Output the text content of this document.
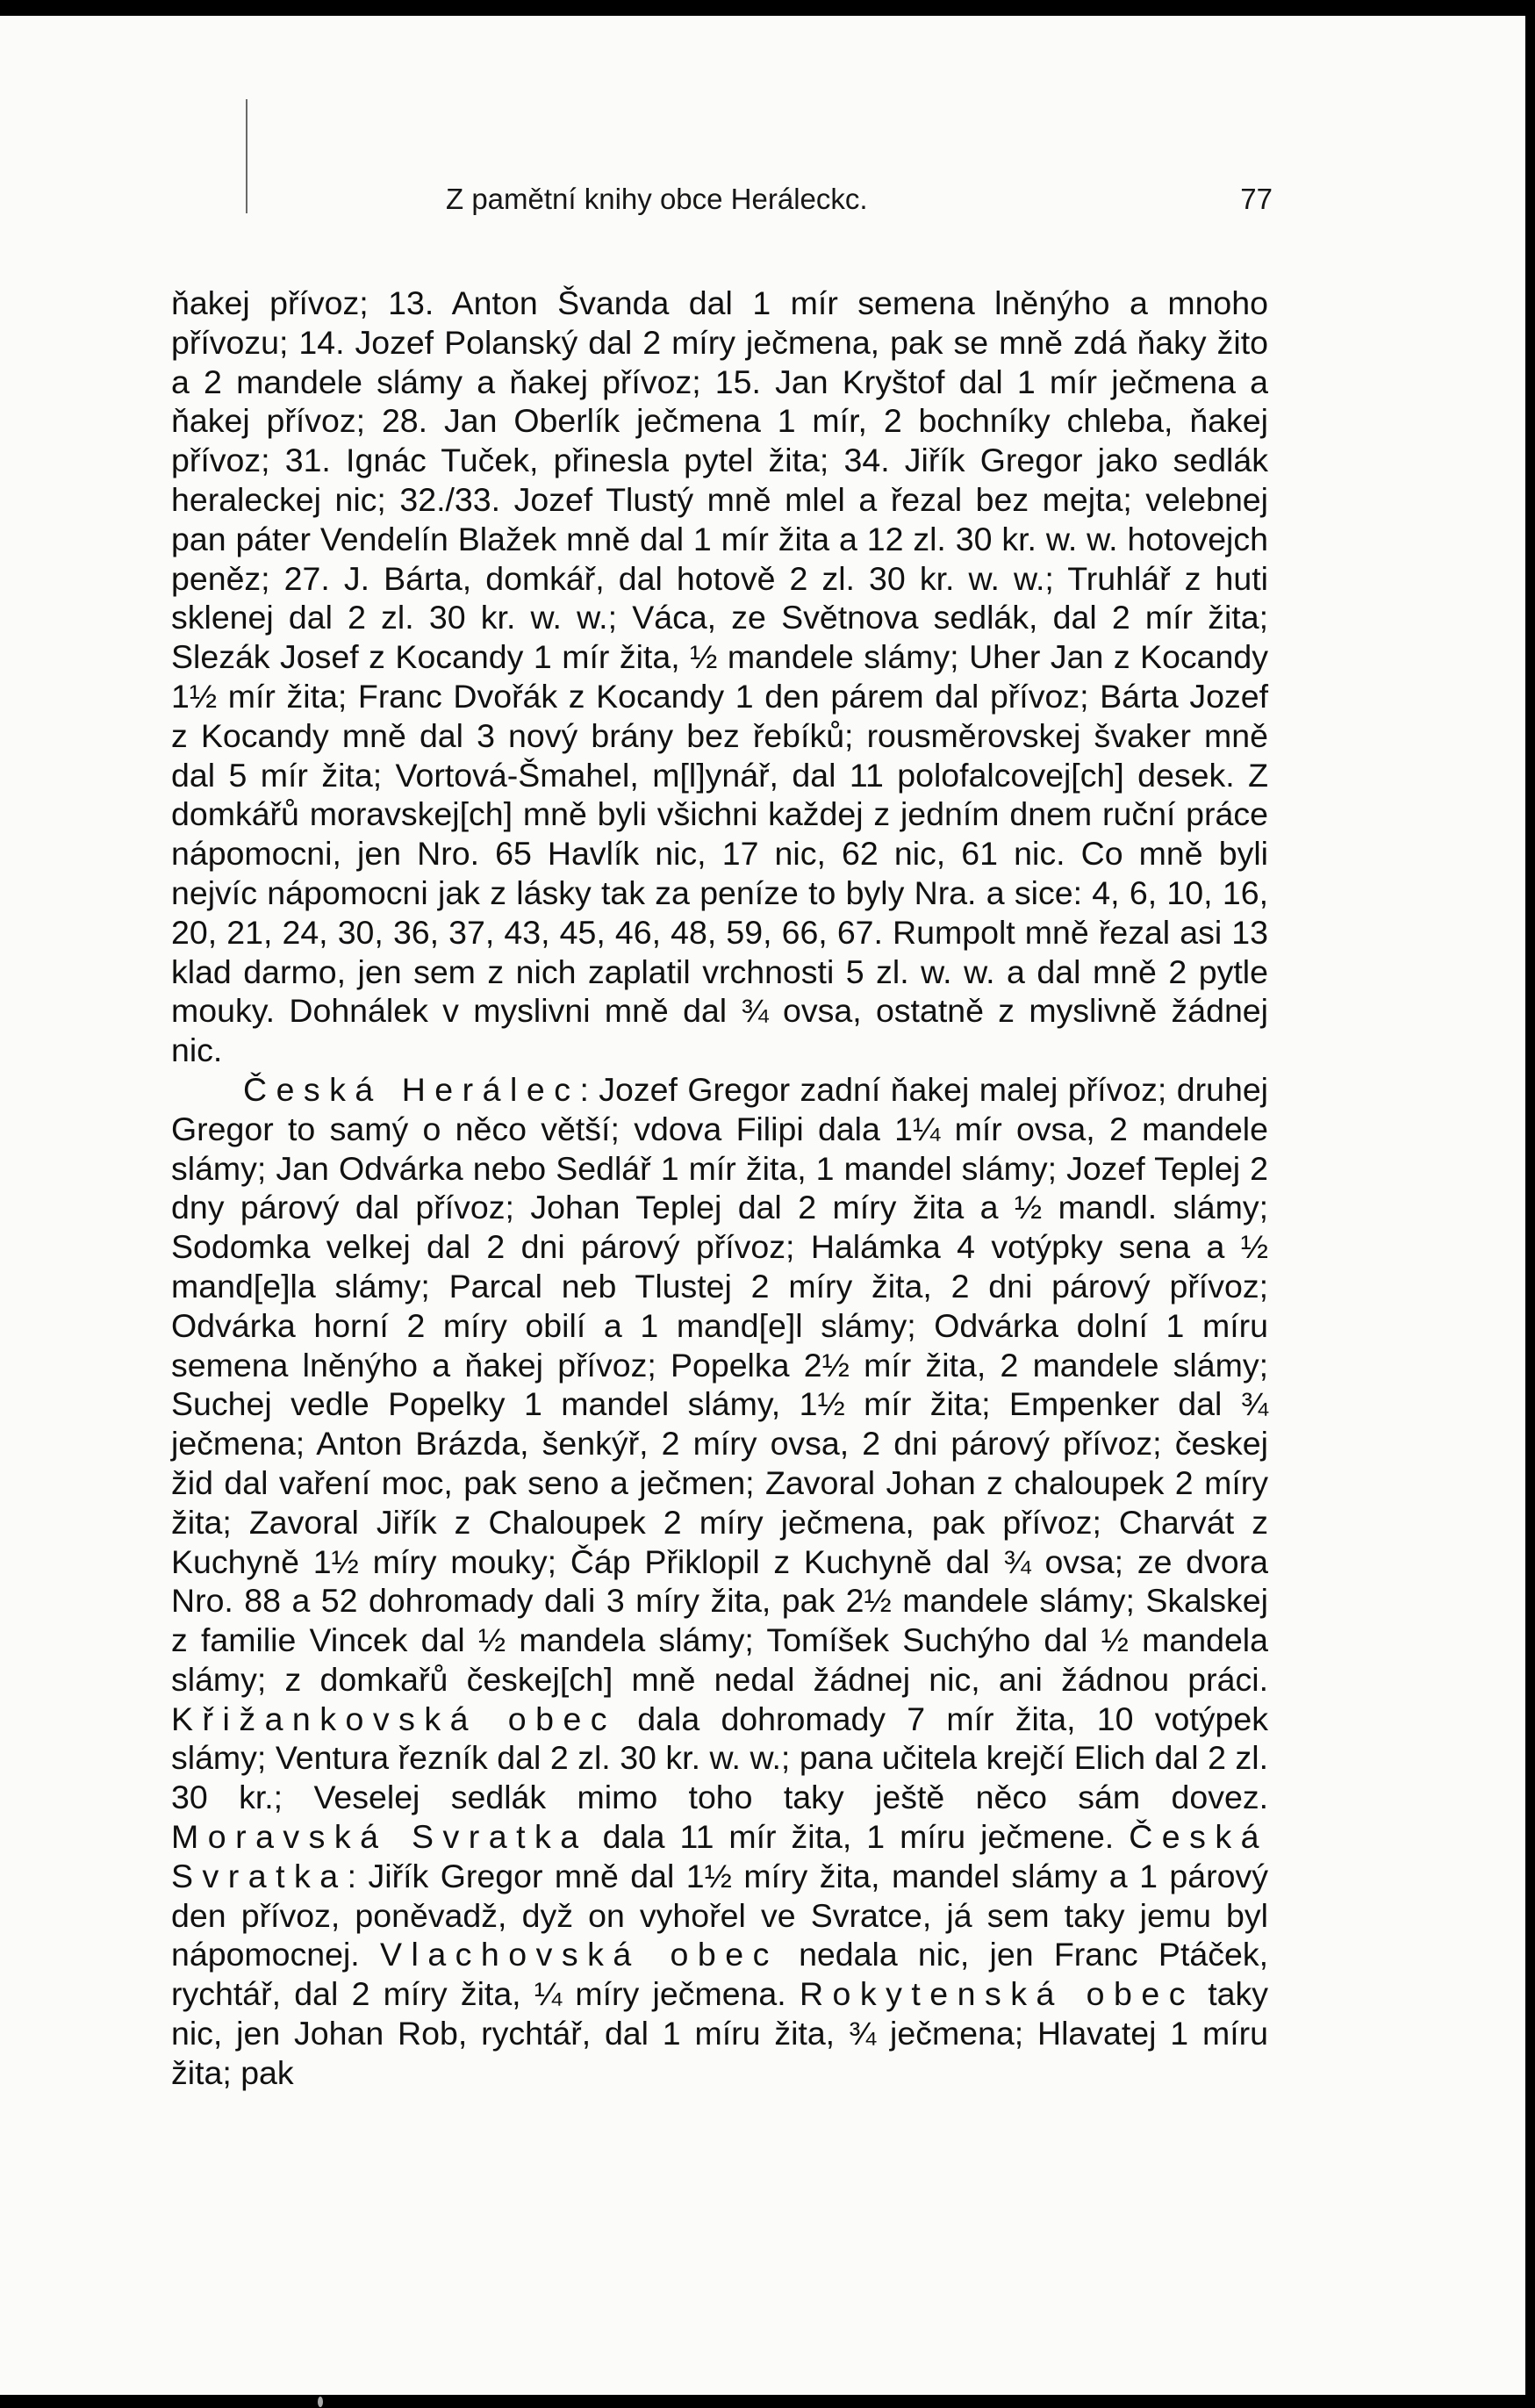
Z pamětní knihy obce Heráleckc.	77

ňakej přívoz; 13. Anton Švanda dal 1 mír semena lněnýho a mnoho přívozu; 14. Jozef Polanský dal 2 míry ječmena, pak se mně zdá ňaky žito a 2 mandele slámy a ňakej přívoz; 15. Jan Kryštof dal 1 mír ječmena a ňakej přívoz; 28. Jan Oberlík ječmena 1 mír, 2 bochníky chleba, ňakej přívoz; 31. Ignác Tuček, přinesla pytel žita; 34. Jiřík Gregor jako sedlák heraleckej nic; 32./33. Jozef Tlustý mně mlel a řezal bez mejta; velebnej pan páter Vendelín Blažek mně dal 1 mír žita a 12 zl. 30 kr. w. w. hotovejch peněz; 27. J. Bárta, domkář, dal hotově 2 zl. 30 kr. w. w.; Truhlář z huti sklenej dal 2 zl. 30 kr. w. w.; Váca, ze Světnova sedlák, dal 2 mír žita; Slezák Josef z Kocandy 1 mír žita, ½ mandele slámy; Uher Jan z Kocandy 1½ mír žita; Franc Dvořák z Kocandy 1 den párem dal přívoz; Bárta Jozef z Kocandy mně dal 3 nový brány bez řebíků; rousměrovskej švaker mně dal 5 mír žita; Vortová-Šmahel, m[l]ynář, dal 11 polofalcovej[ch] desek. Z domkářů moravskej[ch] mně byli všichni každej z jedním dnem ruční práce nápomocni, jen Nro. 65 Havlík nic, 17 nic, 62 nic, 61 nic. Co mně byli nejvíc nápomocni jak z lásky tak za peníze to byly Nra. a sice: 4, 6, 10, 16, 20, 21, 24, 30, 36, 37, 43, 45, 46, 48, 59, 66, 67. Rumpolt mně řezal asi 13 klad darmo, jen sem z nich zaplatil vrchnosti 5 zl. w. w. a dal mně 2 pytle mouky. Dohnálek v myslivni mně dal ¾ ovsa, ostatně z myslivně žádnej nic.

Česká Herálec: Jozef Gregor zadní ňakej malej přívoz; druhej Gregor to samý o něco větší; vdova Filipi dala 1¼ mír ovsa, 2 mandele slámy; Jan Odvárka nebo Sedlář 1 mír žita, 1 mandel slámy; Jozef Teplej 2 dny párový dal přívoz; Johan Teplej dal 2 míry žita a ½ mandl. slámy; Sodomka velkej dal 2 dni párový přívoz; Halámka 4 votýpky sena a ½ mand[e]la slámy; Parcal neb Tlustej 2 míry žita, 2 dni párový přívoz; Odvárka horní 2 míry obilí a 1 mand[e]l slámy; Odvárka dolní 1 míru semena lněnýho a ňakej přívoz; Popelka 2½ mír žita, 2 mandele slámy; Suchej vedle Popelky 1 mandel slámy, 1½ mír žita; Empenker dal ¾ ječmena; Anton Brázda, šenkýř, 2 míry ovsa, 2 dni párový přívoz; českej žid dal vaření moc, pak seno a ječmen; Zavoral Johan z chaloupek 2 míry žita; Zavoral Jiřík z Chaloupek 2 míry ječmena, pak přívoz; Charvát z Kuchyně 1½ míry mouky; Čáp Přiklopil z Kuchyně dal ¾ ovsa; ze dvora Nro. 88 a 52 dohromady dali 3 míry žita, pak 2½ mandele slámy; Skalskej z familie Vincek dal ½ mandela slámy; Tomíšek Suchýho dal ½ mandela slámy; z domkařů českej[ch] mně nedal žádnej nic, ani žádnou práci. Křižankovská obec dala dohromady 7 mír žita, 10 votýpek slámy; Ventura řezník dal 2 zl. 30 kr. w. w.; pana učitela krejčí Elich dal 2 zl. 30 kr.; Veselej sedlák mimo toho taky ještě něco sám dovez. Moravská Svratka dala 11 mír žita, 1 míru ječmene. Česká Svratka: Jiřík Gregor mně dal 1½ míry žita, mandel slámy a 1 párový den přívoz, poněvadž, dyž on vyhořel ve Svratce, já sem taky jemu byl nápomocnej. Vlachovská obec nedala nic, jen Franc Ptáček, rychtář, dal 2 míry žita, ¼ míry ječmena. Rokytenská obec taky nic, jen Johan Rob, rychtář, dal 1 míru žita, ¾ ječmena; Hlavatej 1 míru žita; pak
